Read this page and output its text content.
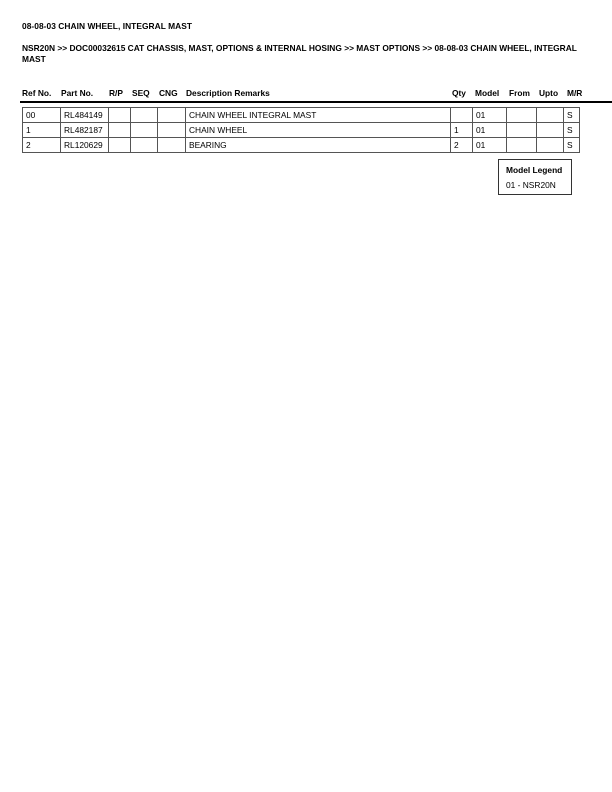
08-08-03 CHAIN WHEEL, INTEGRAL MAST
NSR20N >> DOC00032615 CAT CHASSIS, MAST, OPTIONS & INTERNAL HOSING >> MAST OPTIONS >> 08-08-03 CHAIN WHEEL, INTEGRAL MAST
Ref No. Part No. R/P SEQ CNG Description Remarks	Qty Model From Upto M/R
00	RL484149				CHAIN WHEEL INTEGRAL MAST		01			S
1	RL482187				CHAIN WHEEL	1	01			S
2	RL120629				BEARING	2	01			S
Model Legend
01 - NSR20N
